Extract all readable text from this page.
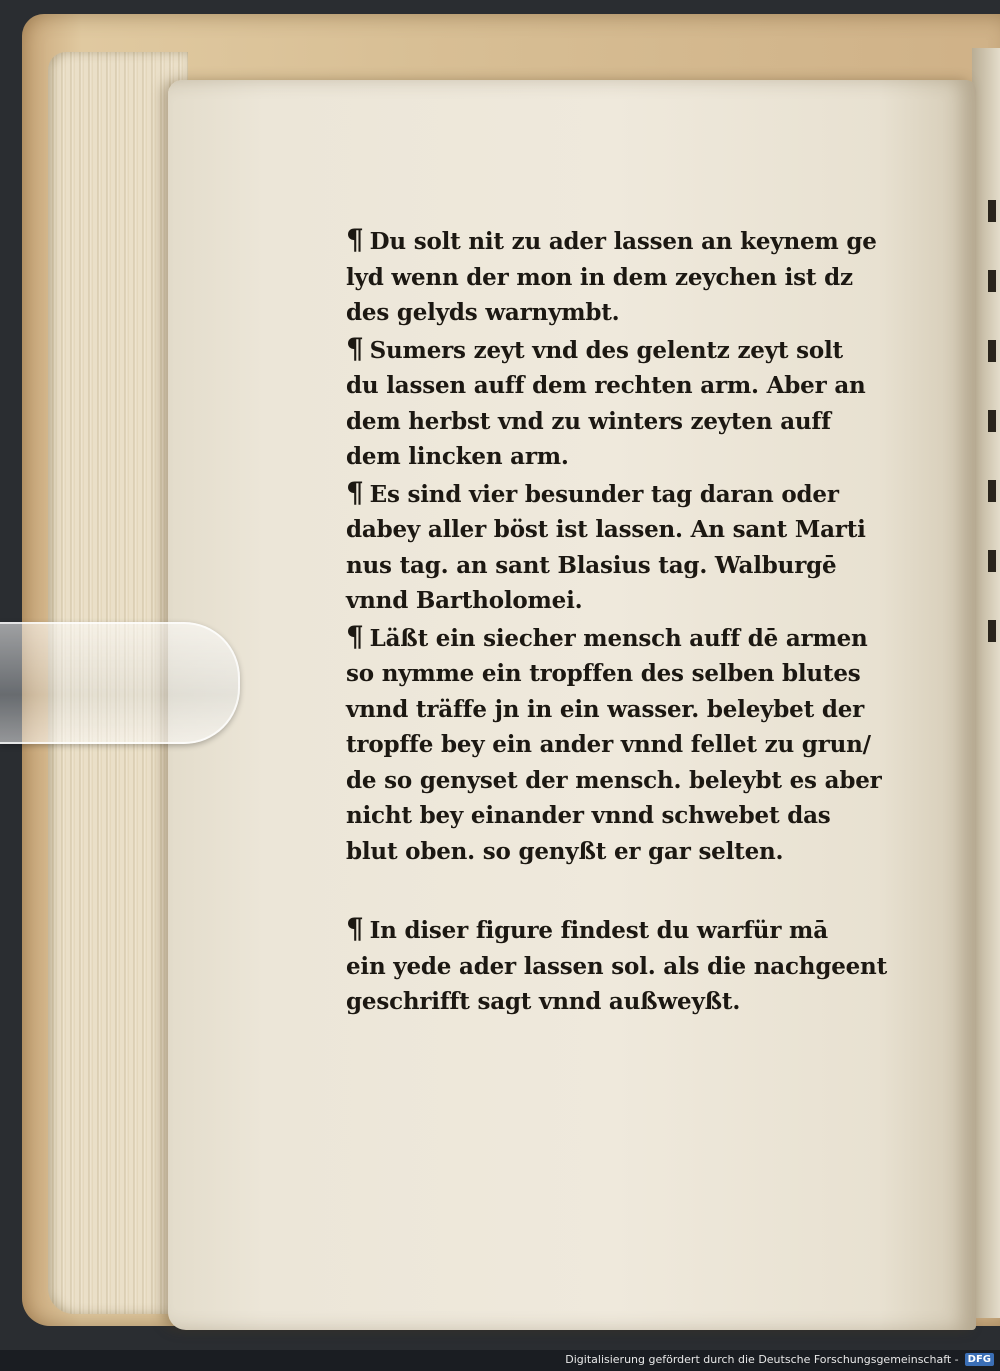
¶ Du solt nit zu ader lassen an keynem ge
lyd wenn der mon in dem zeychen ist dz
des gelyds warnymbt.
¶ Sumers zeyt vnd des gelentz zeyt solt
du lassen auff dem rechten arm. Aber an
dem herbst vnd zu winters zeyten auff
dem lincken arm.
¶ Es sind vier besunder tag daran oder
dabey aller böst ist lassen. An sant Marti
nus tag. an sant Blasius tag. Walburgē
vnnd Bartholomei.
¶ Läßt ein siecher mensch auff dē armen
so nymme ein tropffen des selben blutes
vnnd träffe jn in ein wasser. beleybet der
tropffe bey ein ander vnnd fellet zu grun/
de so genyset der mensch. beleybt es aber
nicht bey einander vnnd schwebet das
blut oben. so genyßt er gar selten.
¶ In diser figure findest du warfür mā
ein yede ader lassen sol. als die nachgeent
geschrifft sagt vnnd außweyßt.
Digitalisierung gefördert durch die Deutsche Forschungsgemeinschaft - DFG
